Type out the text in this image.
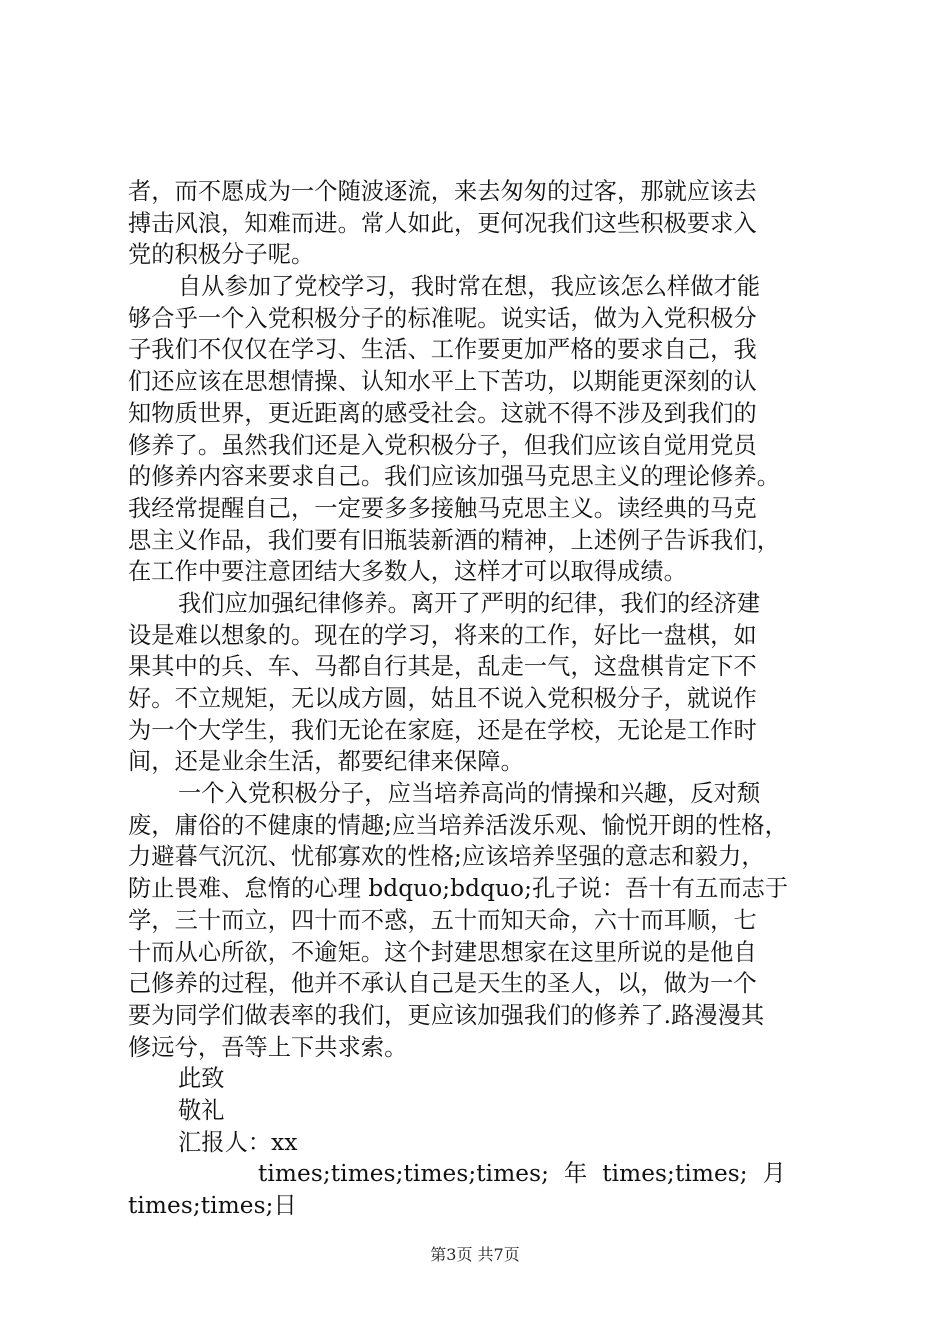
者，而不愿成为一个随波逐流，来去匆匆的过客，那就应该去
搏击风浪，知难而进。常人如此，更何况我们这些积极要求入
党的积极分子呢。
自从参加了党校学习，我时常在想，我应该怎么样做才能
够合乎一个入党积极分子的标准呢。说实话，做为入党积极分
子我们不仅仅在学习、生活、工作要更加严格的要求自己，我
们还应该在思想情操、认知水平上下苦功，以期能更深刻的认
知物质世界，更近距离的感受社会。这就不得不涉及到我们的
修养了。虽然我们还是入党积极分子，但我们应该自觉用党员
的修养内容来要求自己。我们应该加强马克思主义的理论修养。
我经常提醒自己，一定要多多接触马克思主义。读经典的马克
思主义作品，我们要有旧瓶装新酒的精神，上述例子告诉我们，
在工作中要注意团结大多数人，这样才可以取得成绩。
我们应加强纪律修养。离开了严明的纪律，我们的经济建
设是难以想象的。现在的学习，将来的工作，好比一盘棋，如
果其中的兵、车、马都自行其是，乱走一气，这盘棋肯定下不
好。不立规矩，无以成方圆，姑且不说入党积极分子，就说作
为一个大学生，我们无论在家庭，还是在学校，无论是工作时
间，还是业余生活，都要纪律来保障。
一个入党积极分子，应当培养高尚的情操和兴趣，反对颓
废，庸俗的不健康的情趣;应当培养活泼乐观、愉悦开朗的性格，
力避暮气沉沉、忧郁寡欢的性格;应该培养坚强的意志和毅力，
防止畏难、怠惰的心理 bdquo;bdquo;孔子说：吾十有五而志于
学，三十而立，四十而不惑，五十而知天命，六十而耳顺，七
十而从心所欲，不逾矩。这个封建思想家在这里所说的是他自
己修养的过程，他并不承认自己是天生的圣人，以，做为一个
要为同学们做表率的我们，更应该加强我们的修养了.路漫漫其
修远兮，吾等上下共求索。
此致
敬礼
汇报人：xx
times;times;times;times;  年  times;times;  月
times;times;日
第3页 共7页
